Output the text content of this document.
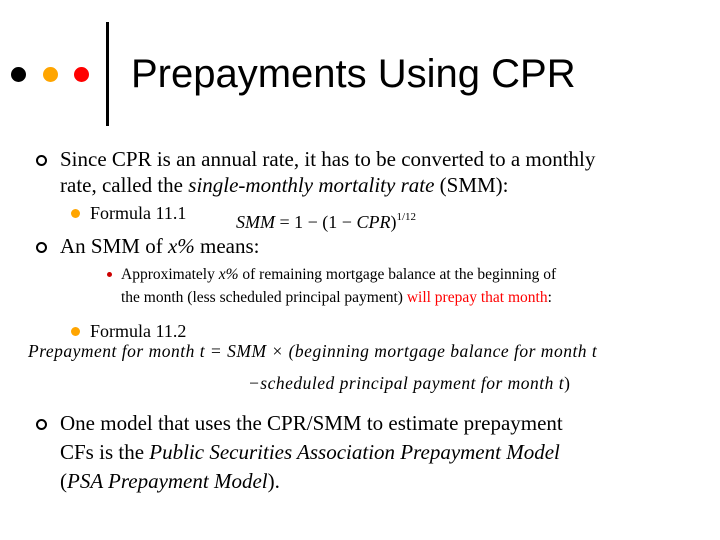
Prepayments Using CPR
Since CPR is an annual rate, it has to be converted to a monthly
rate, called the single-monthly mortality rate (SMM):
Formula 11.1	SMM = 1 − (1 − CPR)$^{1/12}$
An SMM of x% means:
Approximately x% of remaining mortgage balance at the beginning of
the month (less scheduled principal payment) will prepay that month:
Formula 11.2
Prepayment for month t = SMM × (beginning mortgage balance for month t
−scheduled principal payment for month t)
One model that uses the CPR/SMM to estimate prepayment
CFs is the Public Securities Association Prepayment Model
(PSA Prepayment Model).
